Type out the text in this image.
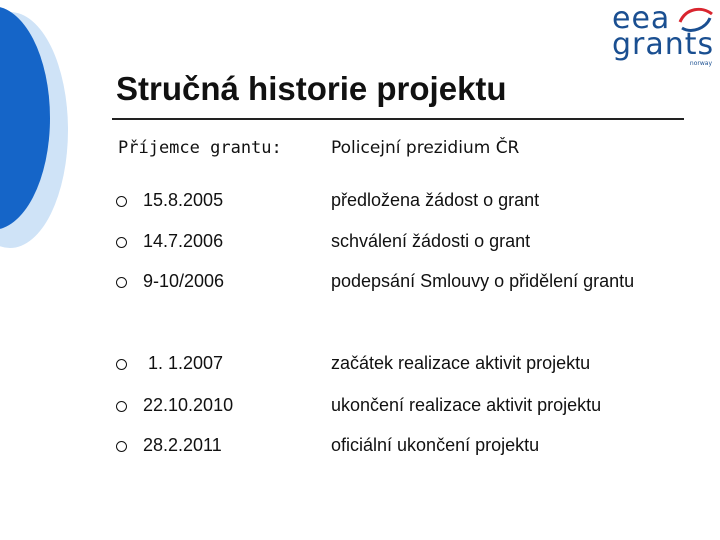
eea
grants
norway
Stručná historie projektu
Příjemce grantu:	Policejní prezidium ČR
15.8.2005	předložena žádost o grant
14.7.2006	schválení žádosti o grant
9-10/2006	podepsání Smlouvy o přidělení grantu
1. 1.2007	začátek realizace aktivit projektu
22.10.2010	ukončení realizace aktivit projektu
28.2.2011	oficiální ukončení projektu
